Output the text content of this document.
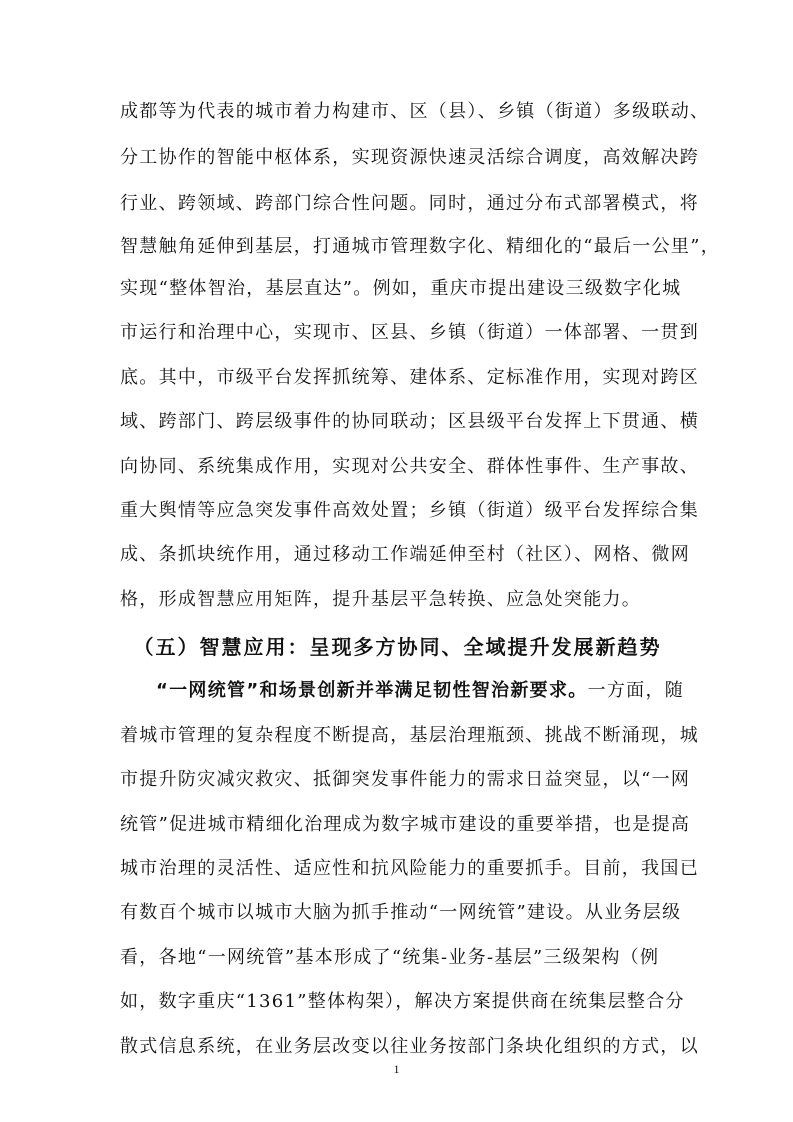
成都等为代表的城市着力构建市、区（县）、乡镇（街道）多级联动、
分工协作的智能中枢体系，实现资源快速灵活综合调度，高效解决跨
行业、跨领域、跨部门综合性问题。同时，通过分布式部署模式，将
智慧触角延伸到基层，打通城市管理数字化、精细化的“最后一公里”，
实现“整体智治，基层直达”。例如，重庆市提出建设三级数字化城
市运行和治理中心，实现市、区县、乡镇（街道）一体部署、一贯到
底。其中，市级平台发挥抓统筹、建体系、定标准作用，实现对跨区
域、跨部门、跨层级事件的协同联动；区县级平台发挥上下贯通、横
向协同、系统集成作用，实现对公共安全、群体性事件、生产事故、
重大舆情等应急突发事件高效处置；乡镇（街道）级平台发挥综合集
成、条抓块统作用，通过移动工作端延伸至村（社区）、网格、微网
格，形成智慧应用矩阵，提升基层平急转换、应急处突能力。
（五）智慧应用：呈现多方协同、全域提升发展新趋势
“一网统管”和场景创新并举满足韧性智治新要求。一方面，随
着城市管理的复杂程度不断提高，基层治理瓶颈、挑战不断涌现，城
市提升防灾减灾救灾、抵御突发事件能力的需求日益突显，以“一网
统管”促进城市精细化治理成为数字城市建设的重要举措，也是提高
城市治理的灵活性、适应性和抗风险能力的重要抓手。目前，我国已
有数百个城市以城市大脑为抓手推动“一网统管”建设。从业务层级
看，各地“一网统管”基本形成了“统集-业务-基层”三级架构（例
如，数字重庆“1361”整体构架），解决方案提供商在统集层整合分
散式信息系统，在业务层改变以往业务按部门条块化组织的方式，以
1
